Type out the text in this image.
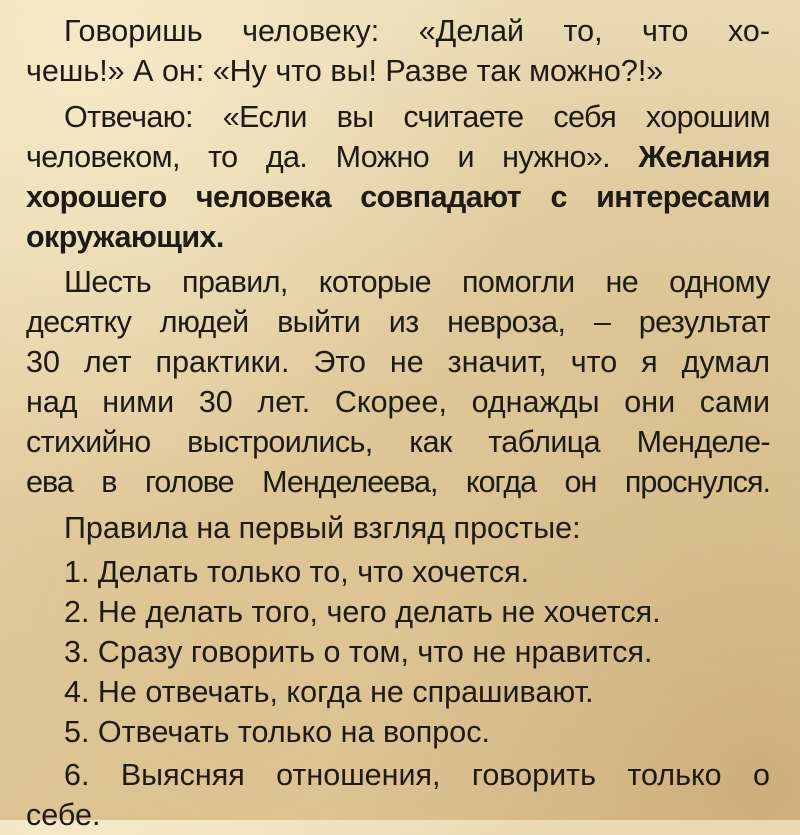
Говоришь человеку: «Делай то, что хо-
чешь!» А он: «Ну что вы! Разве так можно?!»
Отвечаю: «Если вы считаете себя хорошим
человеком, то да. Можно и нужно». Желания
хорошего человека совпадают с интересами
окружающих.
Шесть правил, которые помогли не одному
десятку людей выйти из невроза, – результат
30 лет практики. Это не значит, что я думал
над ними 30 лет. Скорее, однажды они сами
стихийно выстроились, как таблица Менделе-
ева в голове Менделеева, когда он проснулся.
Правила на первый взгляд простые:
1. Делать только то, что хочется.
2. Не делать того, чего делать не хочется.
3. Сразу говорить о том, что не нравится.
4. Не отвечать, когда не спрашивают.
5. Отвечать только на вопрос.
6. Выясняя отношения, говорить только о
себе.
